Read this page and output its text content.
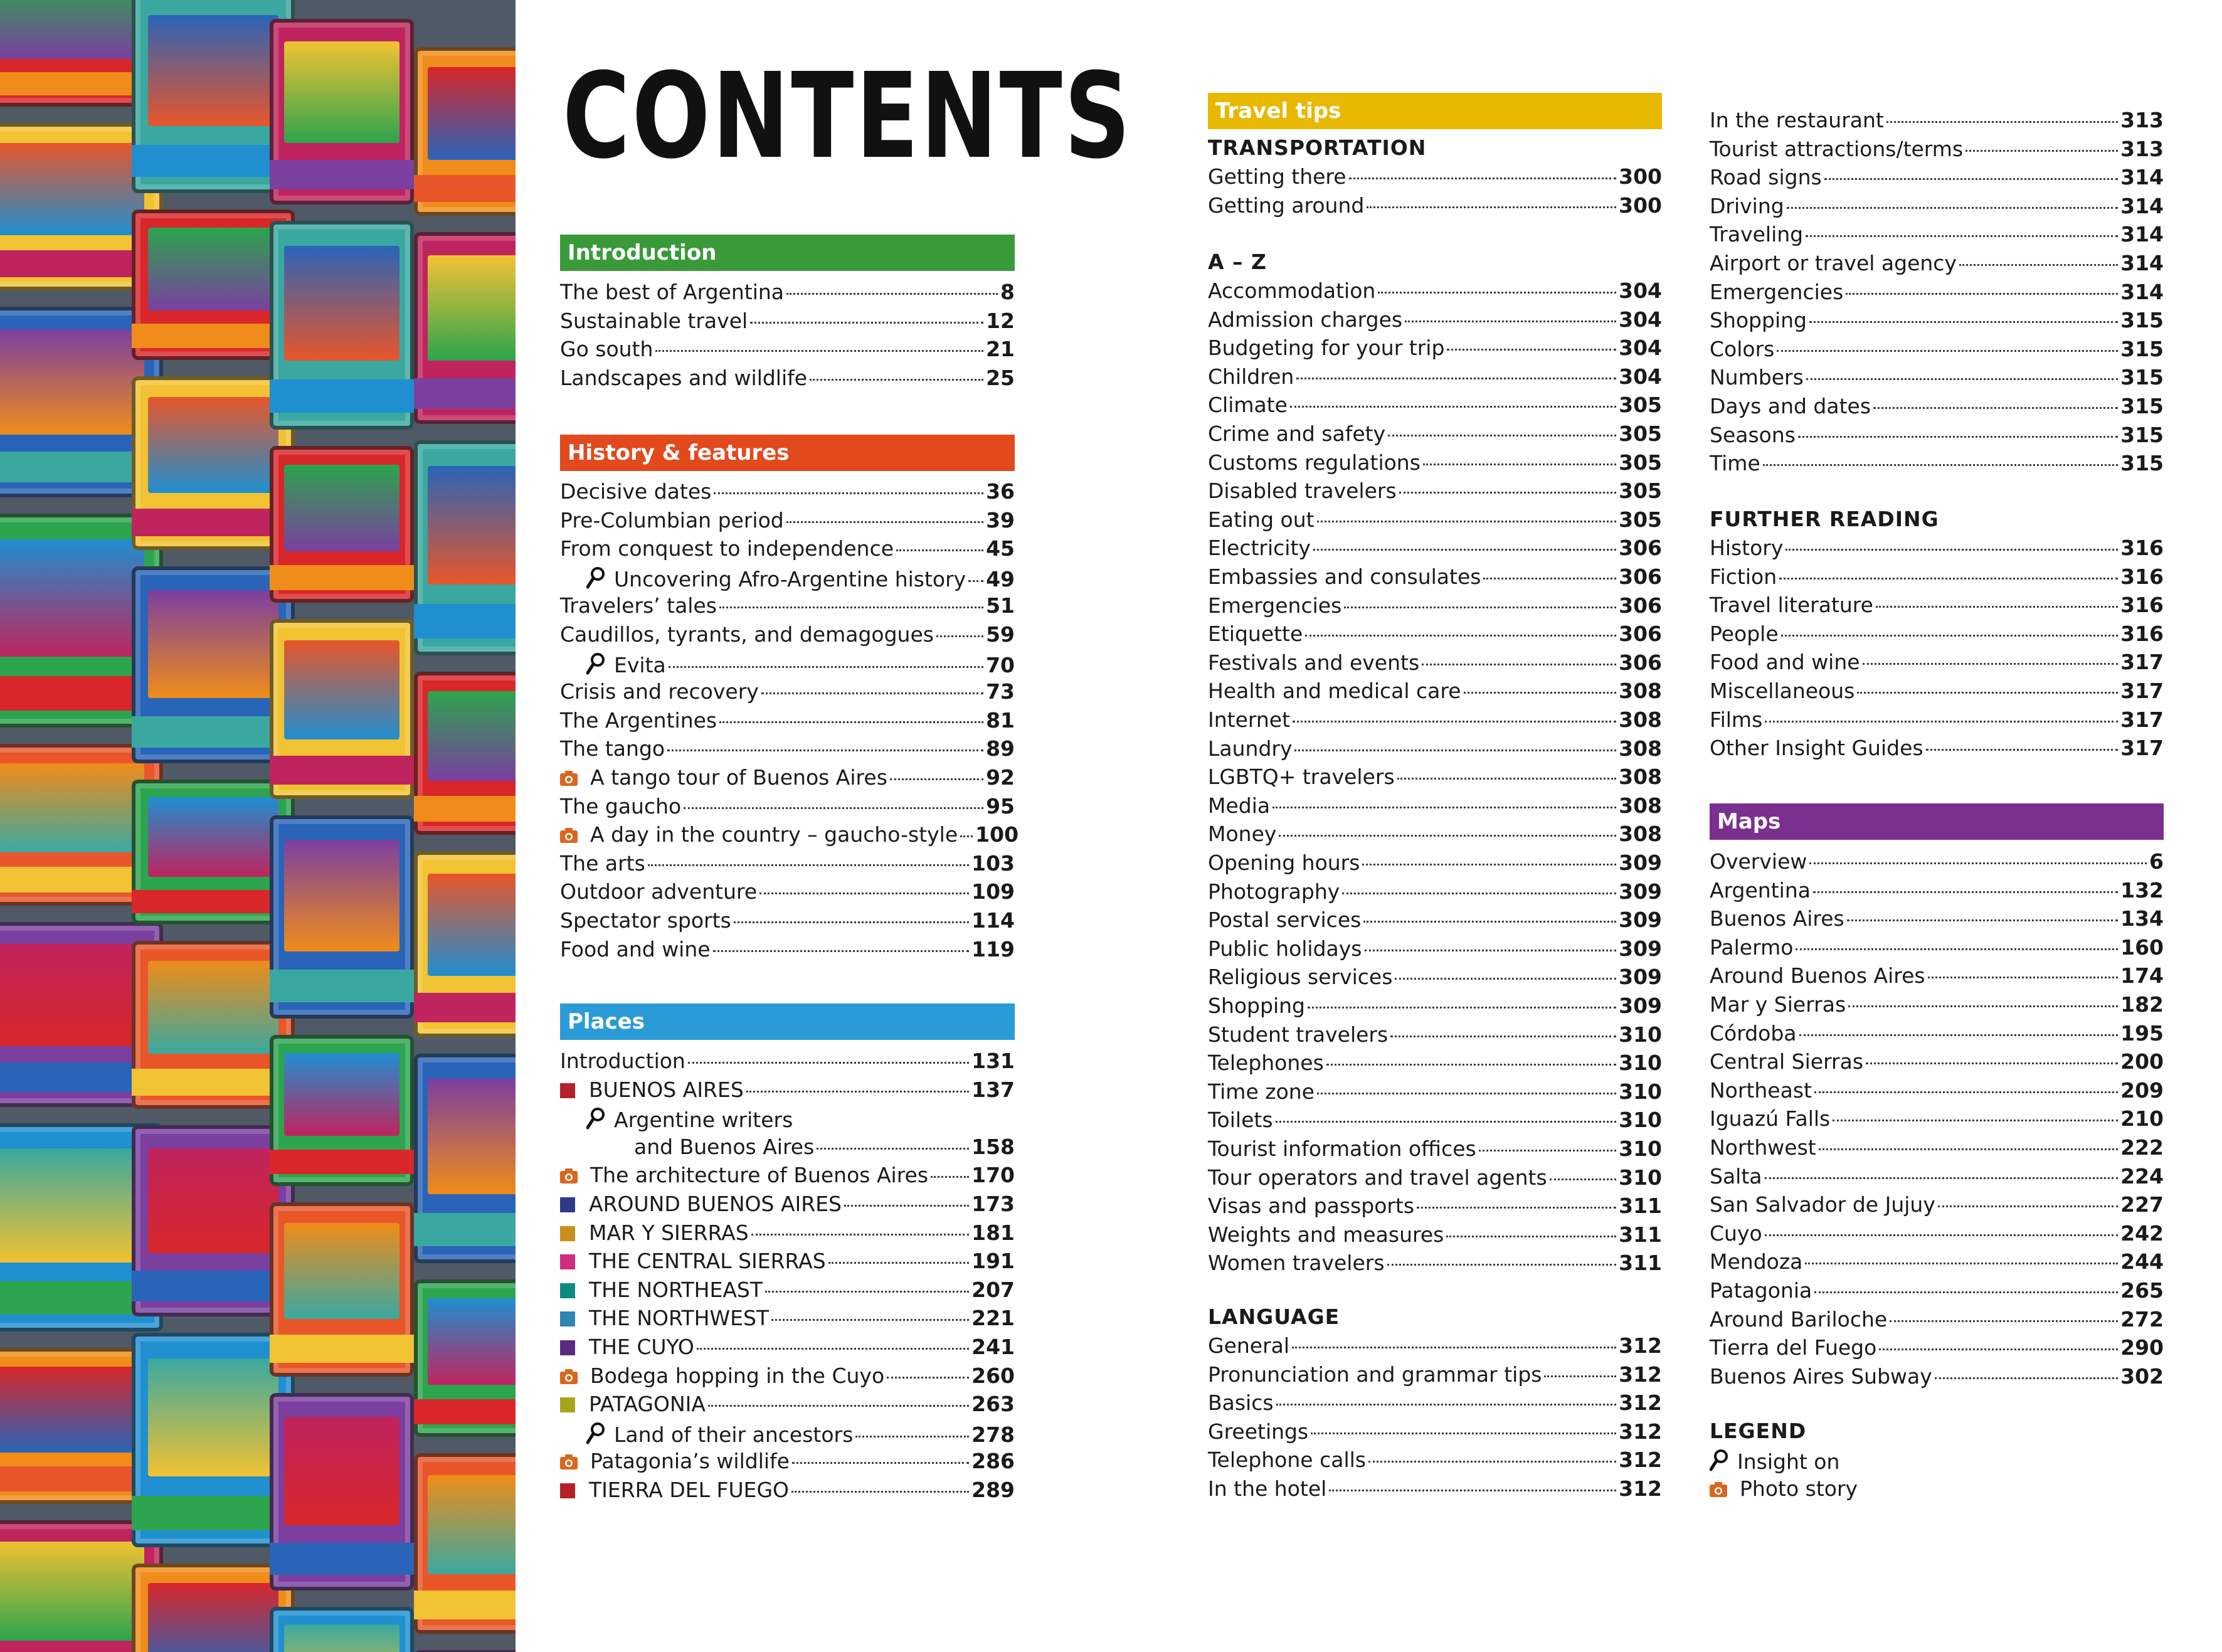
CONTENTS
Introduction
The best of Argentina	8
Sustainable travel	12
Go south	21
Landscapes and wildlife	25
History & features
Decisive dates	36
Pre-Columbian period	39
From conquest to independence	45
Uncovering Afro-Argentine history 49
Travelers’ tales	51
Caudillos, tyrants, and demagogues	59
Evita	70
Crisis and recovery	73
The Argentines	81
The tango	89
A tango tour of Buenos Aires	92
The gaucho	95
A day in the country – gaucho-style 100
The arts	103
Outdoor adventure	109
Spectator sports	114
Food and wine	119
Places
Introduction	131
BUENOS AIRES	137
Argentine writers
and Buenos Aires	158
The architecture of Buenos Aires 170
AROUND BUENOS AIRES	173
MAR Y SIERRAS	181
THE CENTRAL SIERRAS	191
THE NORTHEAST	207
THE NORTHWEST	221
THE CUYO	241
Bodega hopping in the Cuyo	260
PATAGONIA	263
Land of their ancestors	278
Patagonia’s wildlife	286
TIERRA DEL FUEGO	289
Travel tips
TRANSPORTATION
Getting there	300
Getting around	300
A – Z
Accommodation	304
Admission charges	304
Budgeting for your trip	304
Children	304
Climate	305
Crime and safety	305
Customs regulations	305
Disabled travelers	305
Eating out	305
Electricity	306
Embassies and consulates	306
Emergencies	306
Etiquette	306
Festivals and events	306
Health and medical care	308
Internet	308
Laundry	308
LGBTQ+ travelers	308
Media	308
Money	308
Opening hours	309
Photography	309
Postal services	309
Public holidays	309
Religious services	309
Shopping	309
Student travelers	310
Telephones	310
Time zone	310
Toilets	310
Tourist information offices	310
Tour operators and travel agents	310
Visas and passports	311
Weights and measures	311
Women travelers	311
LANGUAGE
General	312
Pronunciation and grammar tips	312
Basics	312
Greetings	312
Telephone calls	312
In the hotel	312
In the restaurant	313
Tourist attractions/terms	313
Road signs	314
Driving	314
Traveling	314
Airport or travel agency	314
Emergencies	314
Shopping	315
Colors	315
Numbers	315
Days and dates	315
Seasons	315
Time	315
FURTHER READING
History	316
Fiction	316
Travel literature	316
People	316
Food and wine	317
Miscellaneous	317
Films	317
Other Insight Guides	317
Maps
Overview	6
Argentina	132
Buenos Aires	134
Palermo	160
Around Buenos Aires	174
Mar y Sierras	182
Córdoba	195
Central Sierras	200
Northeast	209
Iguazú Falls	210
Northwest	222
Salta	224
San Salvador de Jujuy	227
Cuyo	242
Mendoza	244
Patagonia	265
Around Bariloche	272
Tierra del Fuego	290
Buenos Aires Subway	302
LEGEND
Insight on
Photo story
